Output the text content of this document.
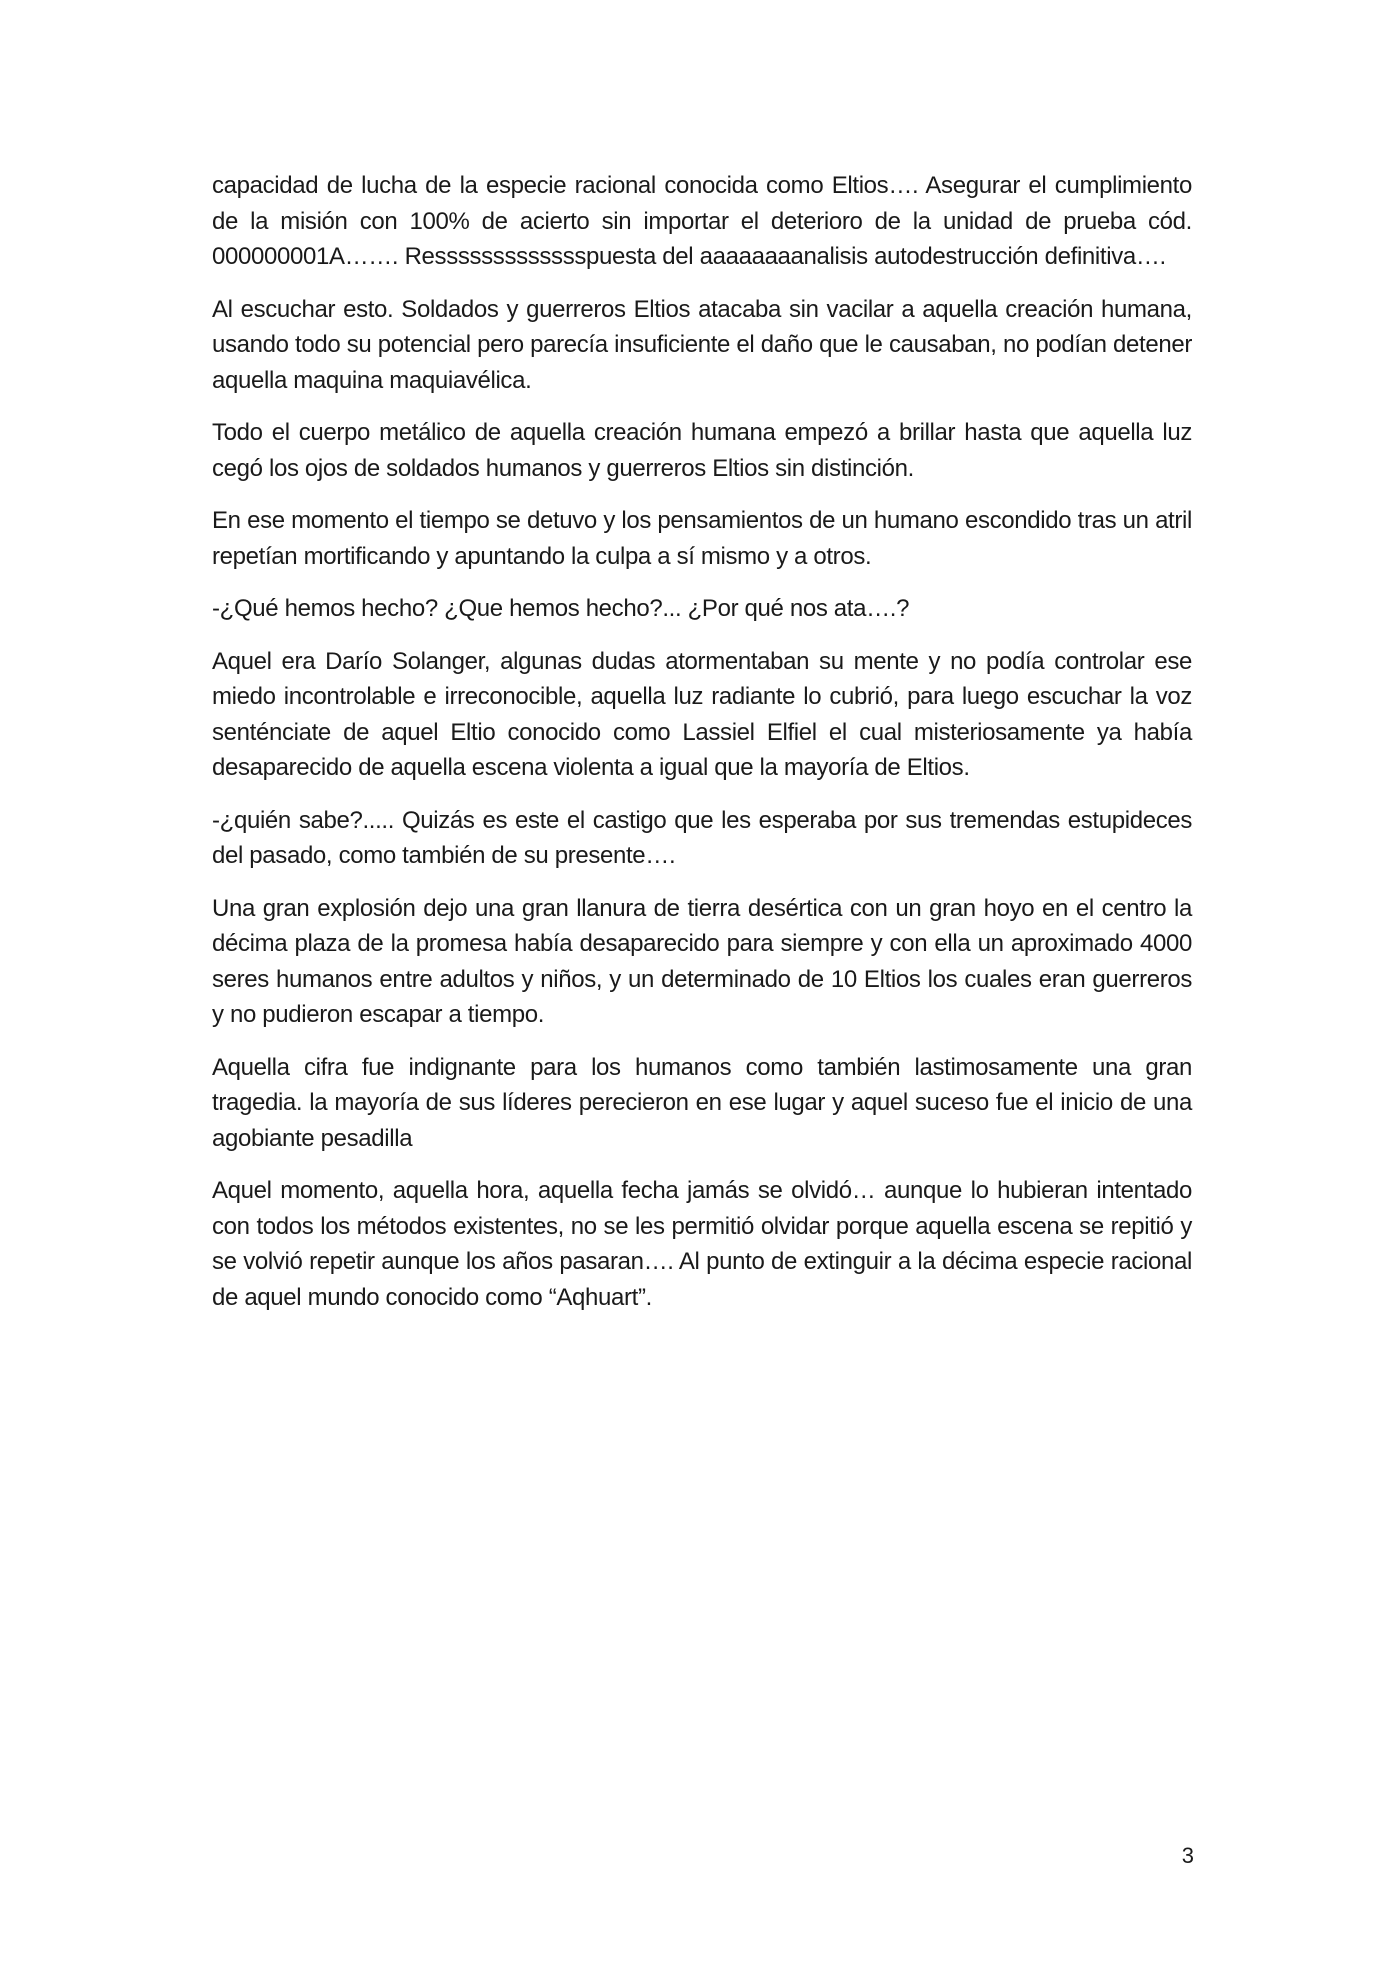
capacidad de lucha de la especie racional conocida como Eltios…. Asegurar el cumplimiento de la misión con 100% de acierto sin importar el deterioro de la unidad de prueba cód. 000000001A……. Ressssssssssssspuesta del aaaaaaaanalisis autodestrucción definitiva….

Al escuchar esto. Soldados y guerreros Eltios atacaba sin vacilar a aquella creación humana, usando todo su potencial pero parecía insuficiente el daño que le causaban, no podían detener aquella maquina maquiavélica.

Todo el cuerpo metálico de aquella creación humana empezó a brillar hasta que aquella luz cegó los ojos de soldados humanos y guerreros Eltios sin distinción.

En ese momento el tiempo se detuvo y los pensamientos de un humano escondido tras un atril repetían mortificando y apuntando la culpa a sí mismo y a otros.

-¿Qué hemos hecho? ¿Que hemos hecho?... ¿Por qué nos ata….?

Aquel era Darío Solanger, algunas dudas atormentaban su mente y no podía controlar ese miedo incontrolable e irreconocible, aquella luz radiante lo cubrió, para luego escuchar la voz senténciate de aquel Eltio conocido como Lassiel Elfiel el cual misteriosamente ya había desaparecido de aquella escena violenta a igual que la mayoría de Eltios.

-¿quién sabe?..... Quizás es este el castigo que les esperaba por sus tremendas estupideces del pasado, como también de su presente….

Una gran explosión dejo una gran llanura de tierra desértica con un gran hoyo en el centro la décima plaza de la promesa había desaparecido para siempre y con ella un aproximado 4000 seres humanos entre adultos y niños, y un determinado de 10 Eltios los cuales eran guerreros y no pudieron escapar a tiempo.

Aquella cifra fue indignante para los humanos como también lastimosamente una gran tragedia. la mayoría de sus líderes perecieron en ese lugar y aquel suceso fue el inicio de una agobiante pesadilla

Aquel momento, aquella hora, aquella fecha jamás se olvidó… aunque lo hubieran intentado con todos los métodos existentes, no se les permitió olvidar porque aquella escena se repitió y se volvió repetir aunque los años pasaran…. Al punto de extinguir a la décima especie racional de aquel mundo conocido como “Aqhuart”.

3
